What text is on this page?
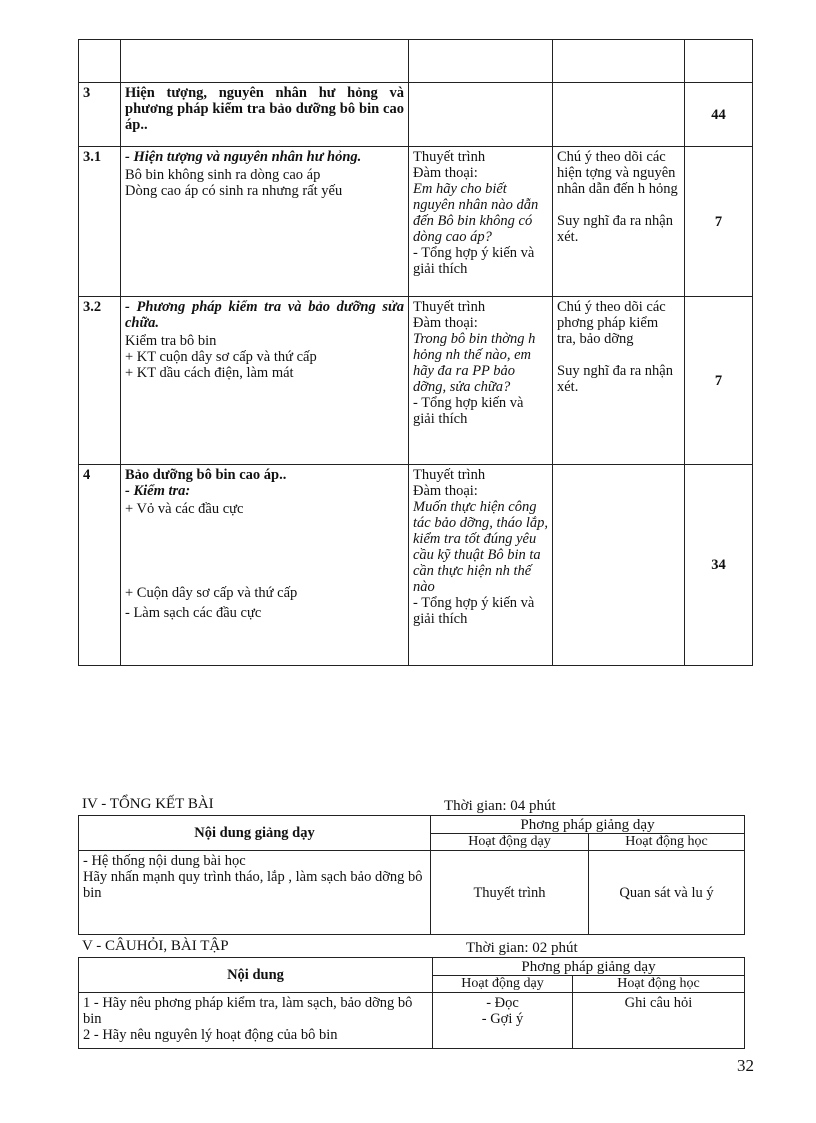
3	Hiện tượng, nguyên nhân hư hỏng và phương pháp kiểm tra bảo dưỡng bô bin cao áp..			44
3.1	- Hiện tượng và nguyên nhân hư hỏng.
Bô bin không sinh ra dòng cao áp
Dòng cao áp có sinh ra nhưng rất yếu	Thuyết trình
Đàm thoại:
Em hãy cho biết nguyên nhân nào dẫn đến Bô bin không có dòng cao áp?
- Tổng hợp ý kiến và giải thích	Chú ý theo dõi các hiện tợng và nguyên nhân dẫn đến h hỏng
Suy nghĩ đa ra nhận xét.	7
3.2	- Phương pháp kiểm tra và bảo dưỡng sửa chữa.
Kiểm tra bô bin
+ KT cuộn dây sơ cấp và thứ cấp
+ KT dầu cách điện, làm mát	Thuyết trình
Đàm thoại:
Trong bô bin thờng h hỏng nh thế nào, em hãy đa ra PP bảo dỡng, sửa chữa?
- Tổng hợp kiến và giải thích	Chú ý theo dõi các phơng pháp kiểm tra, bảo dỡng
Suy nghĩ đa ra nhận xét.	7
4	Bảo dưỡng bô bin cao áp..
- Kiểm tra:
+ Vỏ và các đầu cực
+ Cuộn dây sơ cấp và thứ cấp
- Làm sạch các đầu cực	Thuyết trình
Đàm thoại:
Muốn thực hiện công tác bảo dỡng, tháo lắp, kiểm tra tốt đúng yêu cầu kỹ thuật Bô bin ta cần thực hiện nh thế nào
- Tổng hợp ý kiến và giải thích		34
IV - TỔNG KẾT BÀI	Thời gian: 04 phút
Nội dung giảng dạy	Phơng pháp giảng dạy	
	Hoạt động dạy	Hoạt động học

- Hệ thống nội dung bài học
Hãy nhấn mạnh quy trình tháo, lắp , làm sạch bảo dỡng bô bin	Thuyết trình	Quan sát và lu ý
V - CÂUHỎI, BÀI TẬP	Thời gian: 02 phút
Nội dung	Phơng pháp giảng dạy	
	Hoạt động dạy	Hoạt động học

1 - Hãy nêu phơng pháp kiểm tra, làm sạch, bảo dỡng bô bin
2 - Hãy nêu nguyên lý hoạt động của bô bin	- Đọc
- Gợi ý	Ghi câu hỏi
32
